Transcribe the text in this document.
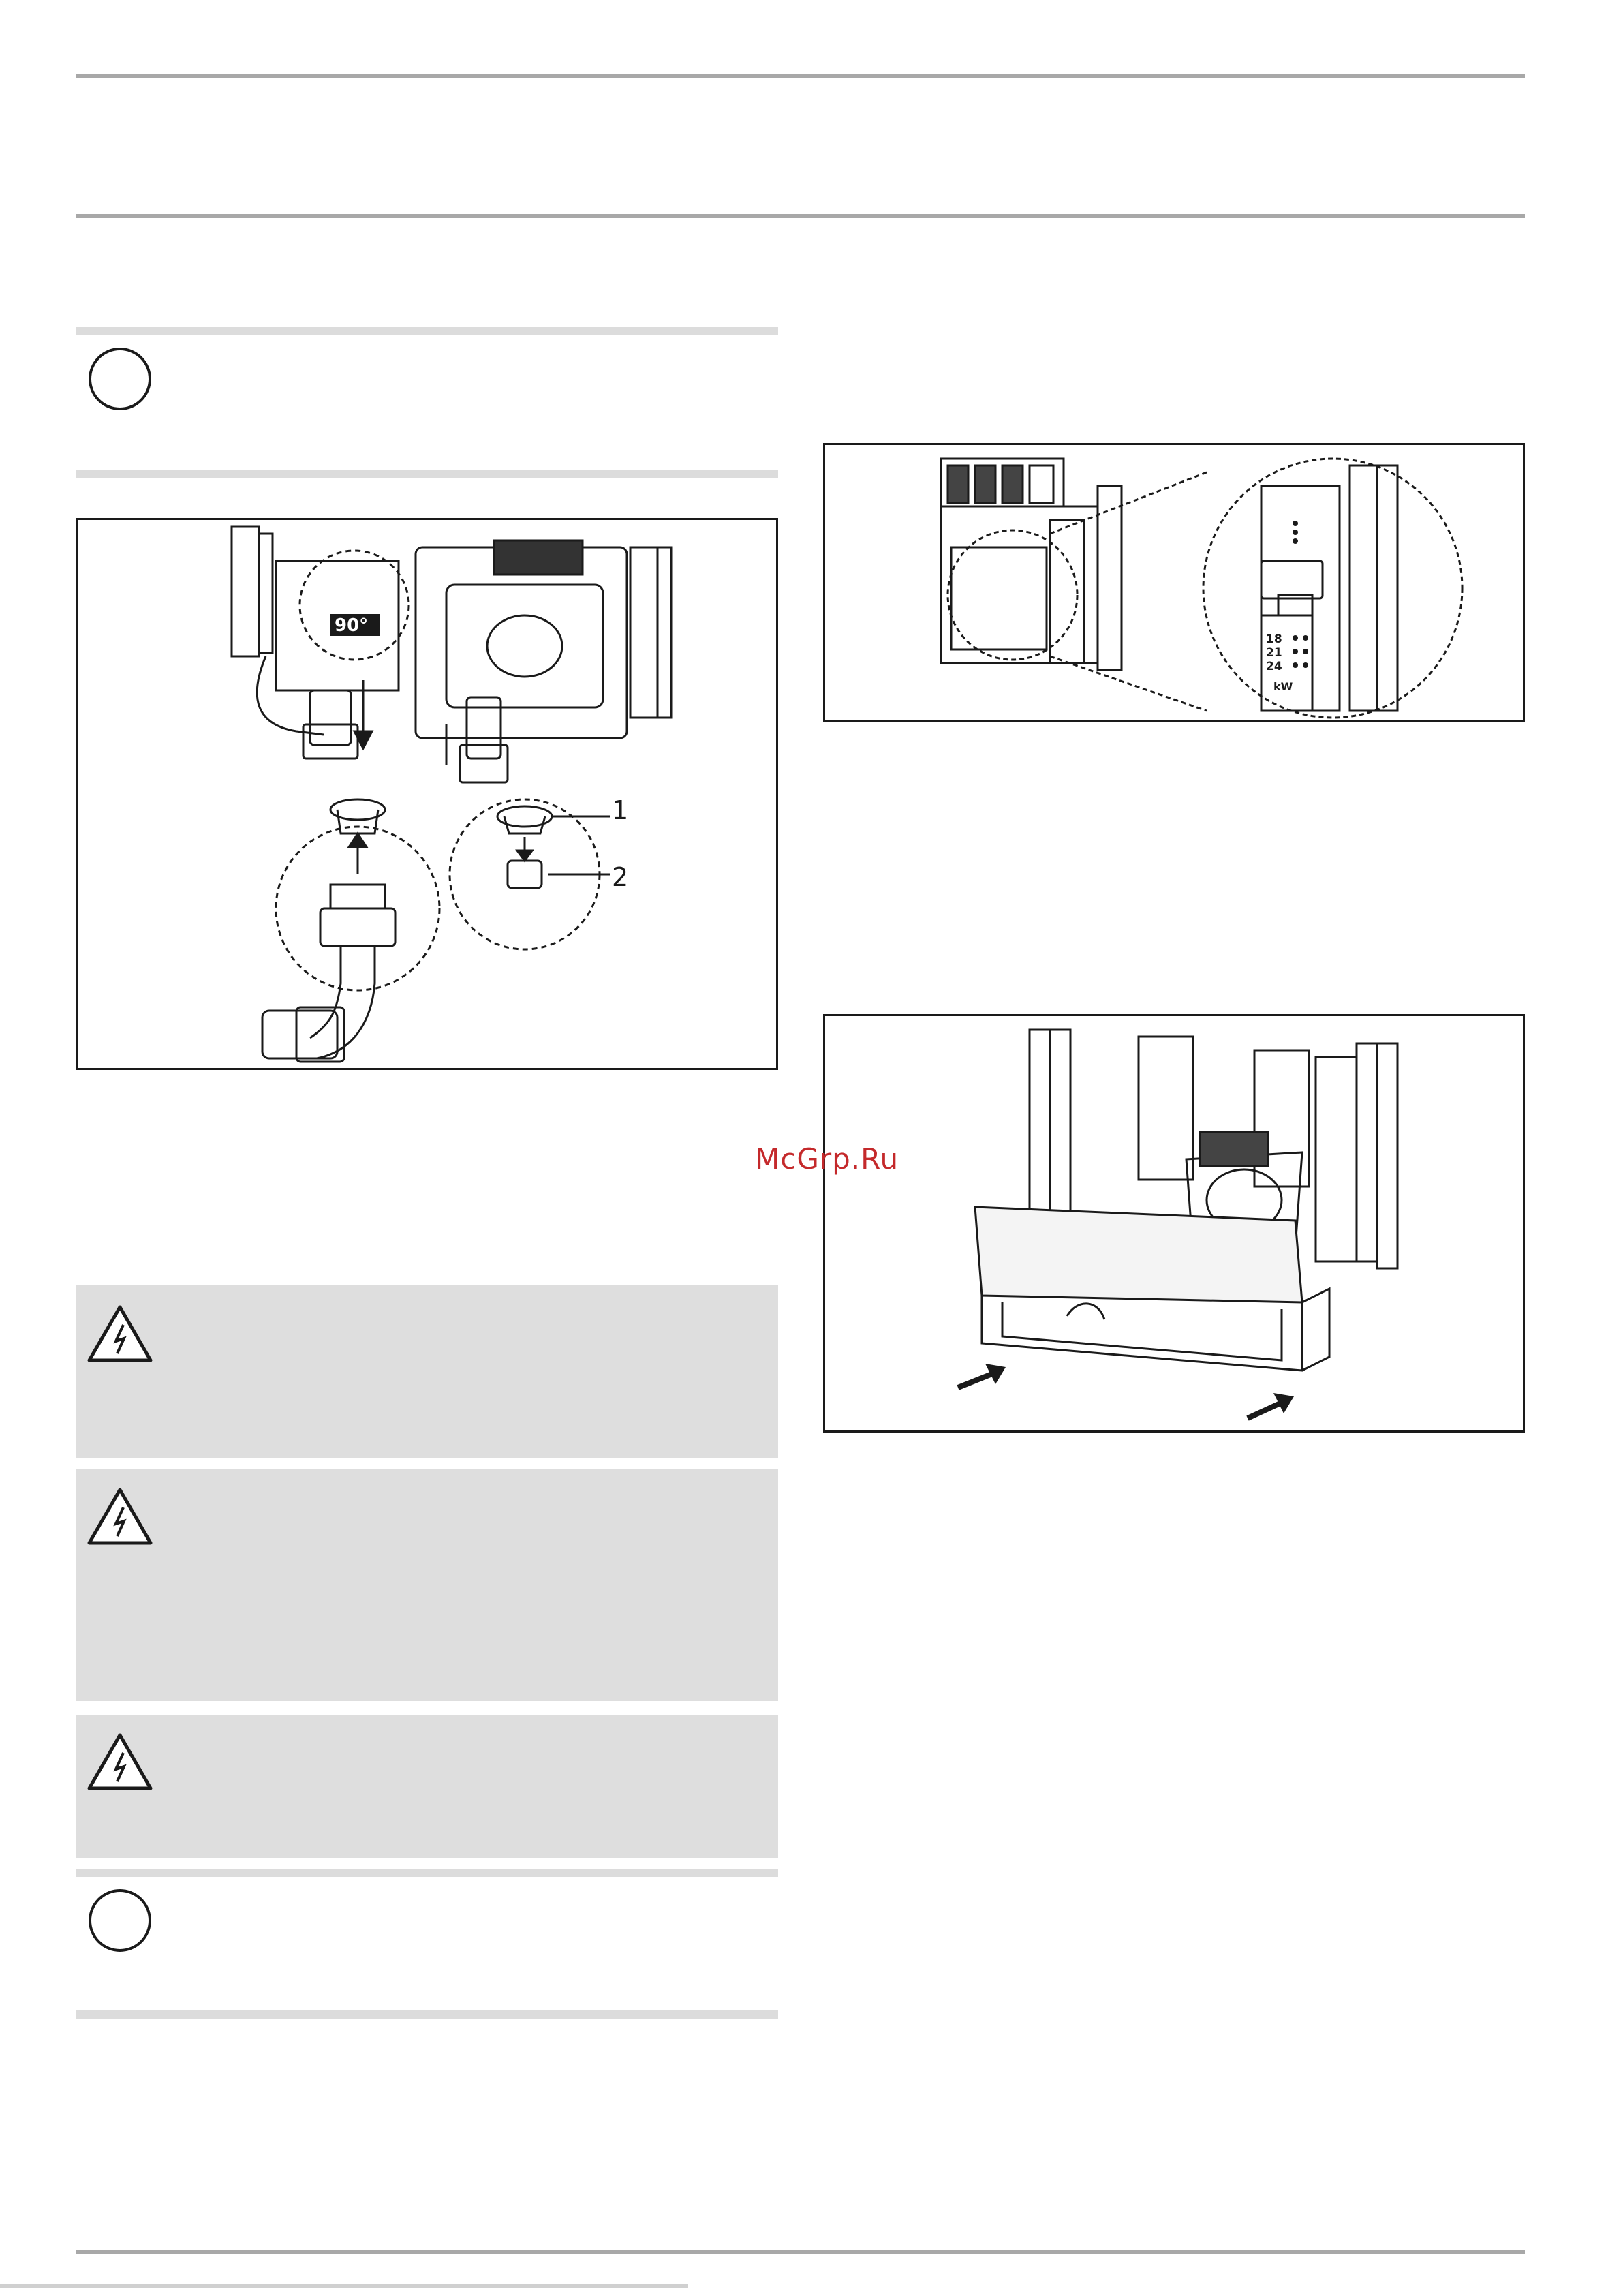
90°
1
2
18
21
24
kW
McGrp.Ru
